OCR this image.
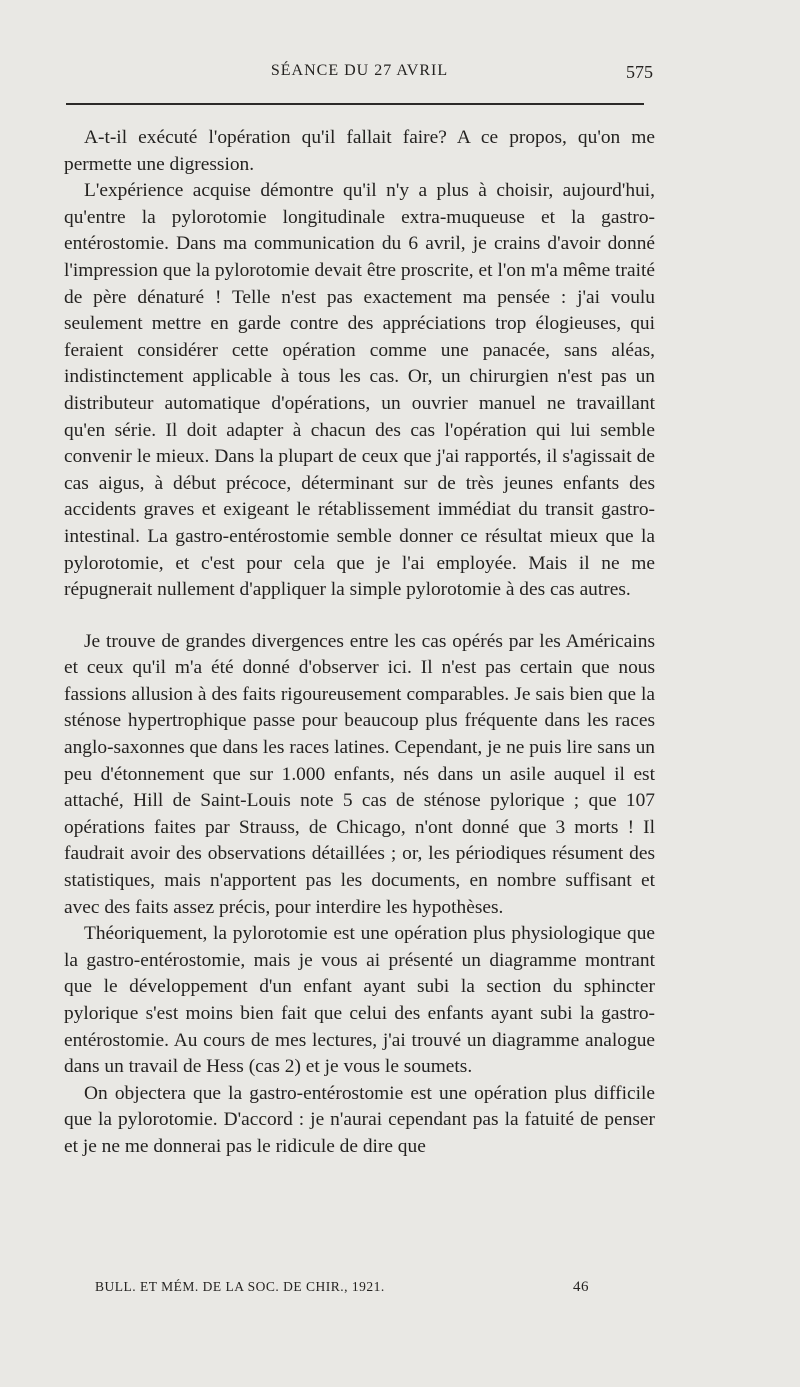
SÉANCE DU 27 AVRIL	575

A-t-il exécuté l'opération qu'il fallait faire? A ce propos, qu'on me permette une digression.

L'expérience acquise démontre qu'il n'y a plus à choisir, aujourd'hui, qu'entre la pylorotomie longitudinale extra-muqueuse et la gastro-entérostomie. Dans ma communication du 6 avril, je crains d'avoir donné l'impression que la pylorotomie devait être proscrite, et l'on m'a même traité de père dénaturé ! Telle n'est pas exactement ma pensée : j'ai voulu seulement mettre en garde contre des appréciations trop élogieuses, qui feraient considérer cette opération comme une panacée, sans aléas, indistinctement applicable à tous les cas. Or, un chirurgien n'est pas un distributeur automatique d'opérations, un ouvrier manuel ne travaillant qu'en série. Il doit adapter à chacun des cas l'opération qui lui semble convenir le mieux. Dans la plupart de ceux que j'ai rapportés, il s'agissait de cas aigus, à début précoce, déterminant sur de très jeunes enfants des accidents graves et exigeant le rétablissement immédiat du transit gastro-intestinal. La gastro-entérostomie semble donner ce résultat mieux que la pylorotomie, et c'est pour cela que je l'ai employée. Mais il ne me répugnerait nullement d'appliquer la simple pylorotomie à des cas autres.

Je trouve de grandes divergences entre les cas opérés par les Américains et ceux qu'il m'a été donné d'observer ici. Il n'est pas certain que nous fassions allusion à des faits rigoureusement comparables. Je sais bien que la sténose hypertrophique passe pour beaucoup plus fréquente dans les races anglo-saxonnes que dans les races latines. Cependant, je ne puis lire sans un peu d'étonnement que sur 1.000 enfants, nés dans un asile auquel il est attaché, Hill de Saint-Louis note 5 cas de sténose pylorique ; que 107 opérations faites par Strauss, de Chicago, n'ont donné que 3 morts ! Il faudrait avoir des observations détaillées ; or, les périodiques résument des statistiques, mais n'apportent pas les documents, en nombre suffisant et avec des faits assez précis, pour interdire les hypothèses.

Théoriquement, la pylorotomie est une opération plus physiologique que la gastro-entérostomie, mais je vous ai présenté un diagramme montrant que le développement d'un enfant ayant subi la section du sphincter pylorique s'est moins bien fait que celui des enfants ayant subi la gastro-entérostomie. Au cours de mes lectures, j'ai trouvé un diagramme analogue dans un travail de Hess (cas 2) et je vous le soumets.

On objectera que la gastro-entérostomie est une opération plus difficile que la pylorotomie. D'accord : je n'aurai cependant pas la fatuité de penser et je ne me donnerai pas le ridicule de dire que

BULL. ET MÉM. DE LA SOC. DE CHIR., 1921.	46
